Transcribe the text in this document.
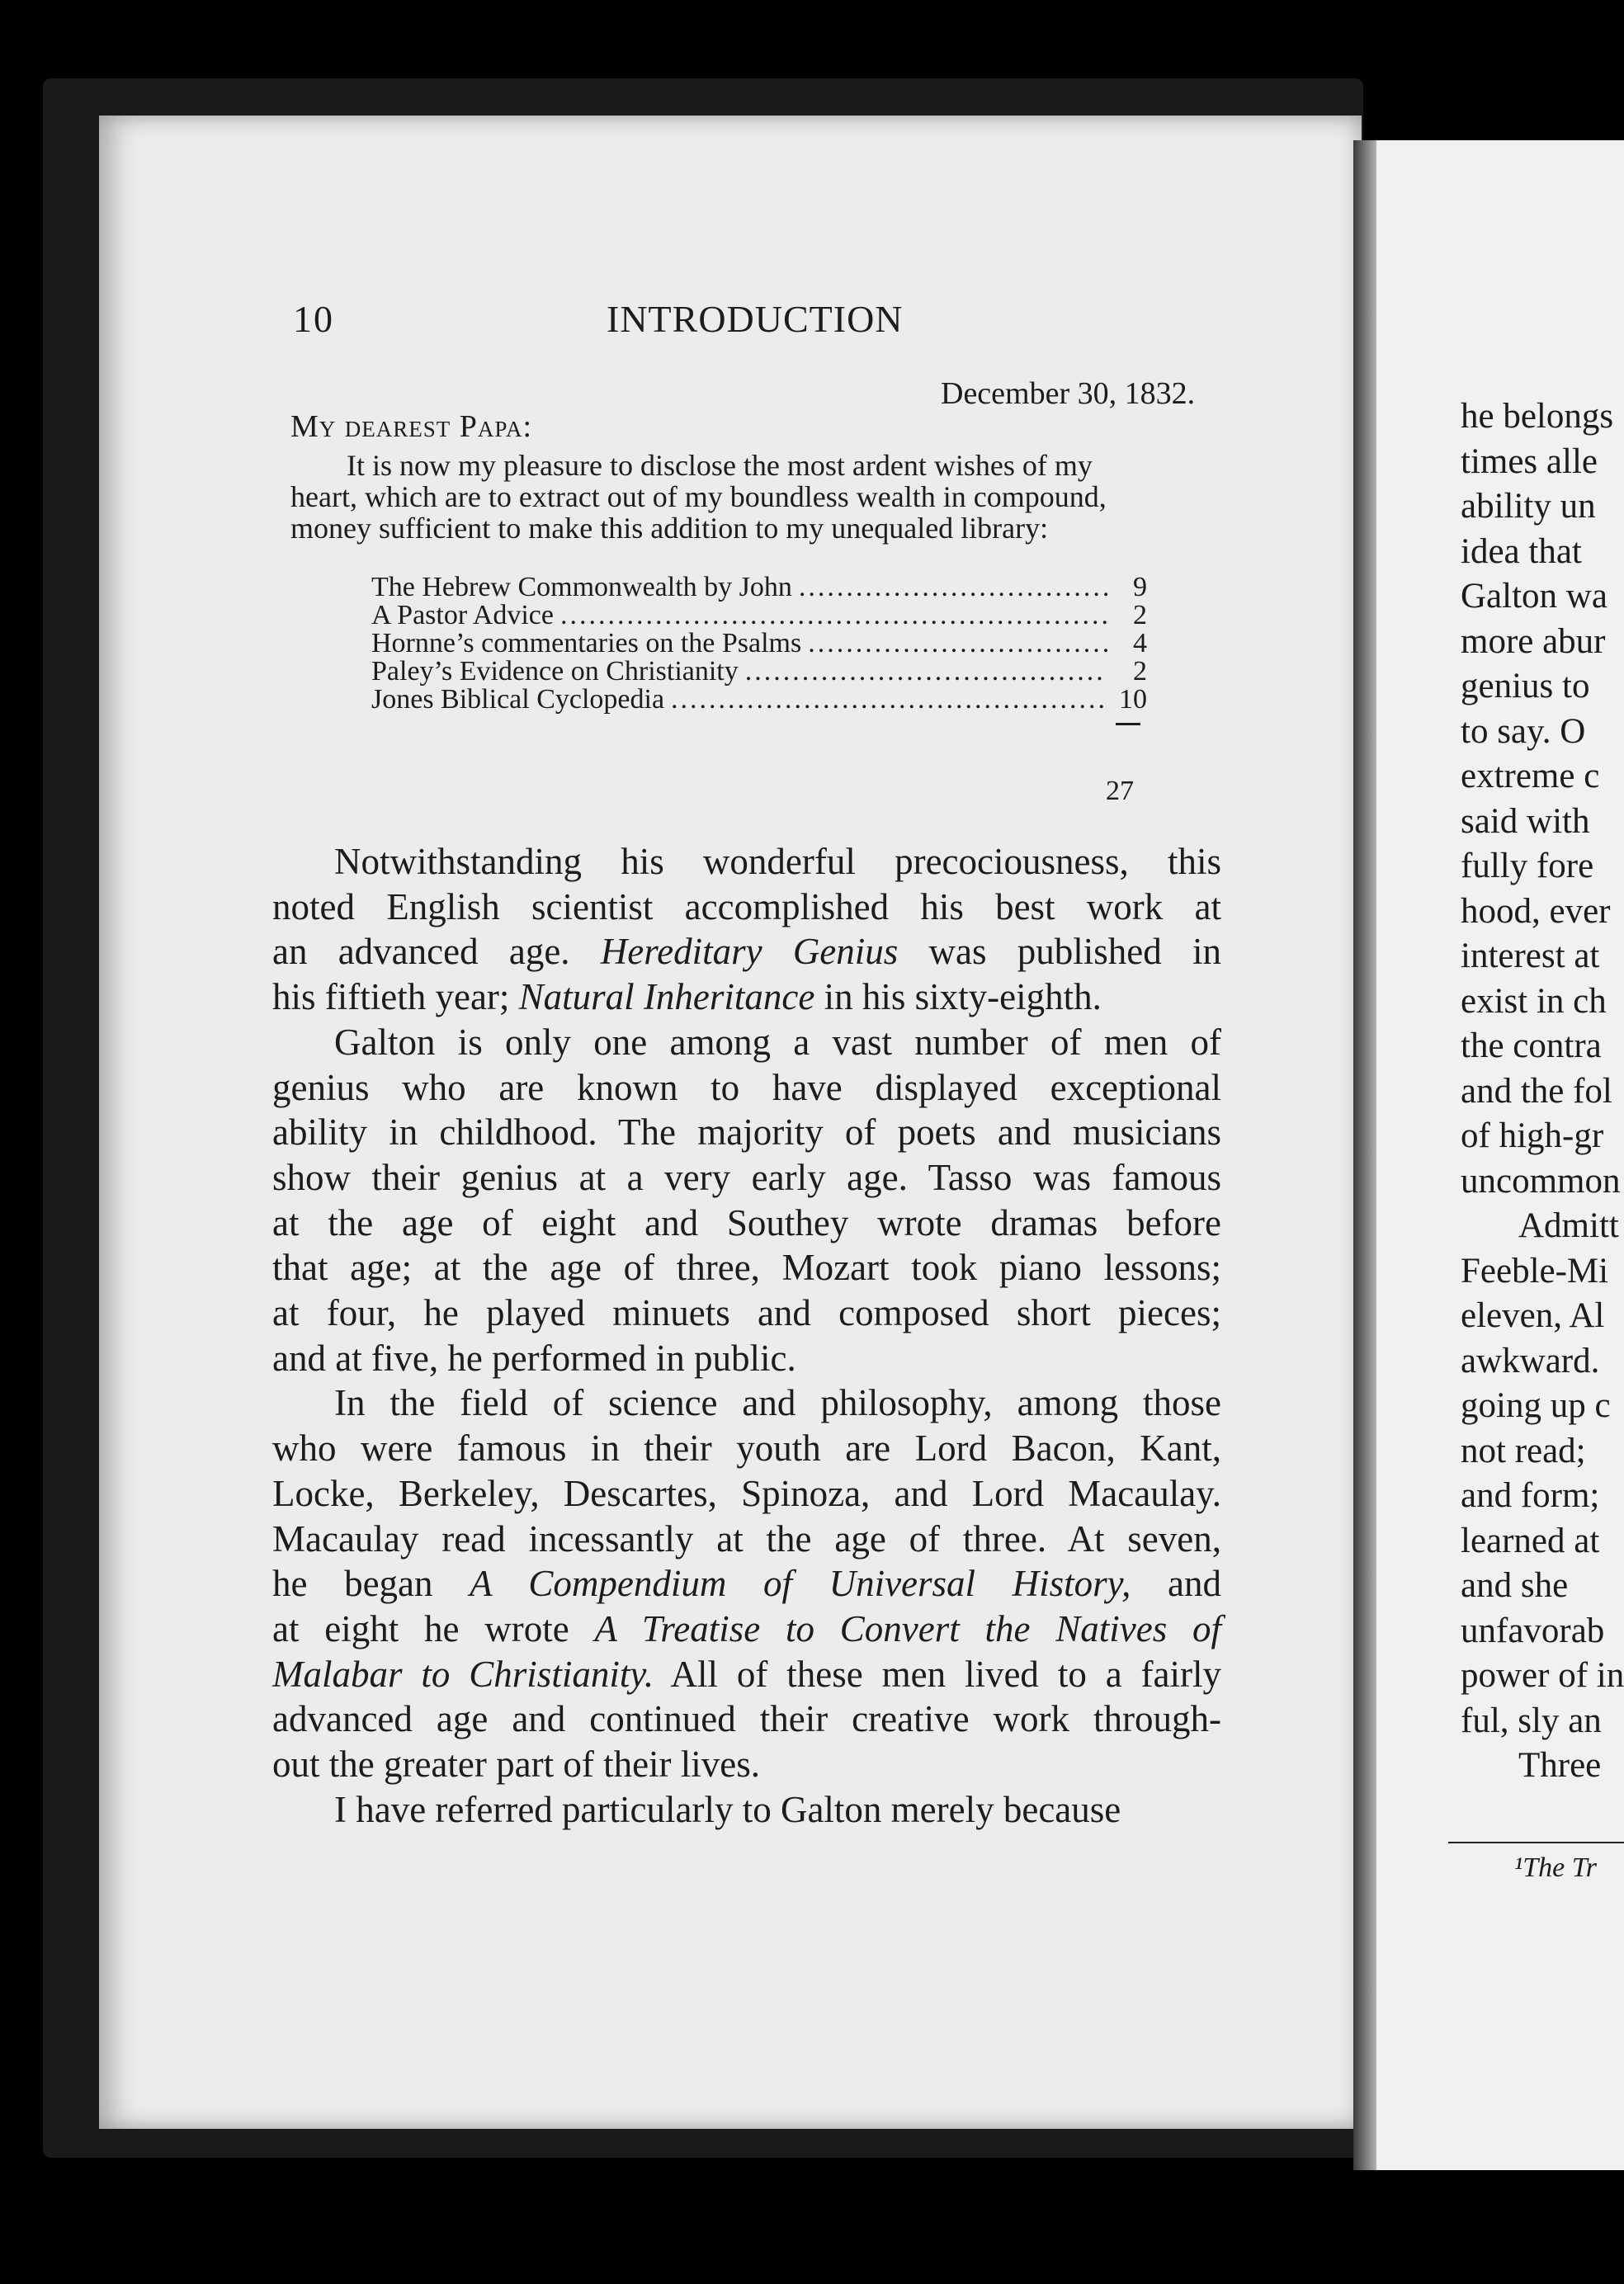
10	INTRODUCTION
December 30, 1832.
My dearest Papa:
It is now my pleasure to disclose the most ardent wishes of my
heart, which are to extract out of my boundless wealth in compound,
money sufficient to make this addition to my unequaled library:
The Hebrew Commonwealth by John .....	9
A Pastor Advice .....	2
Hornne’s commentaries on the Psalms .....	4
Paley’s Evidence on Christianity .....	2
Jones Biblical Cyclopedia .....	10
27
Notwithstanding his wonderful precociousness, this
noted English scientist accomplished his best work at
an advanced age. Hereditary Genius was published in
his fiftieth year; Natural Inheritance in his sixty-eighth.
Galton is only one among a vast number of men of
genius who are known to have displayed exceptional
ability in childhood. The majority of poets and musicians
show their genius at a very early age. Tasso was famous
at the age of eight and Southey wrote dramas before
that age; at the age of three, Mozart took piano lessons;
at four, he played minuets and composed short pieces;
and at five, he performed in public.
In the field of science and philosophy, among those
who were famous in their youth are Lord Bacon, Kant,
Locke, Berkeley, Descartes, Spinoza, and Lord Macaulay.
Macaulay read incessantly at the age of three. At seven,
he began A Compendium of Universal History, and
at eight he wrote A Treatise to Convert the Natives of
Malabar to Christianity. All of these men lived to a fairly
advanced age and continued their creative work through-
out the greater part of their lives.
I have referred particularly to Galton merely because
he belongs
times alle
ability un
idea that
Galton wa
more abur
genius to
to say. O
extreme c
said with
fully fore
hood, ever
interest at
exist in ch
the contra
and the fol
of high-gr
uncommon
Admitt
Feeble-Mi
eleven, Al
awkward.
going up c
not read;
and form;
learned at
and she
unfavorab
power of in
ful, sly an
Three
¹The Tr
